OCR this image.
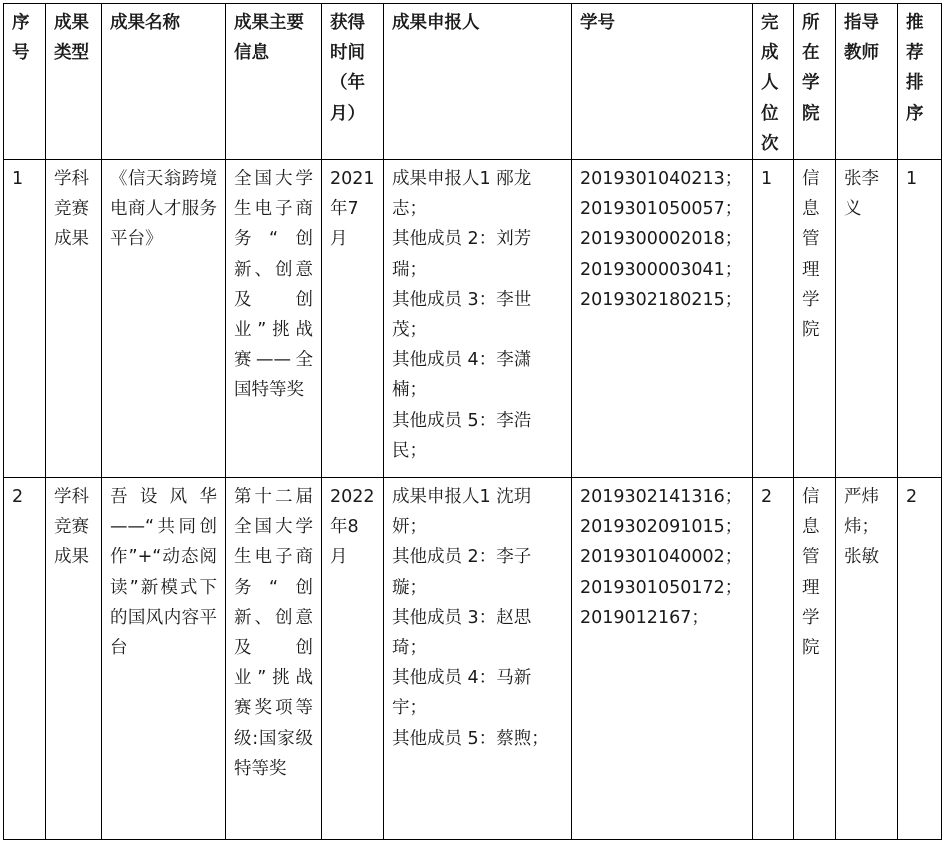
序号	成果类型	成果名称	成果主要信息	获得时间（年月）	成果申报人	学号	完成人位次	所在学院	指导教师	推荐排序
1	学科竞赛成果	《信天翁跨境电商人才服务平台》	全国大学生电子商务“创新、创意及创业”挑战赛——全国特等奖	2021年7月	成果申报人1 邴龙志；
其他成员 2：刘芳瑞；
其他成员 3：李世茂；
其他成员 4：李潇楠；
其他成员 5：李浩民；	2019301040213；
2019301050057；
2019300002018；
2019300003041；
2019302180215；	1	信息管理学院	张李义	1
2	学科竞赛成果	吾设风华——“共同创作”+“动态阅读”新模式下的国风内容平台	第十二届全国大学生电子商务“创新、创意及创业”挑战赛奖项等级:国家级特等奖	2022年8月	成果申报人1 沈玥妍；
其他成员 2：李子璇；
其他成员 3：赵思琦；
其他成员 4：马新宇；
其他成员 5：蔡煦；	2019302141316；
2019302091015；
2019301040002；
2019301050172；
2019012167；	2	信息管理学院	严炜炜；张敏	2
